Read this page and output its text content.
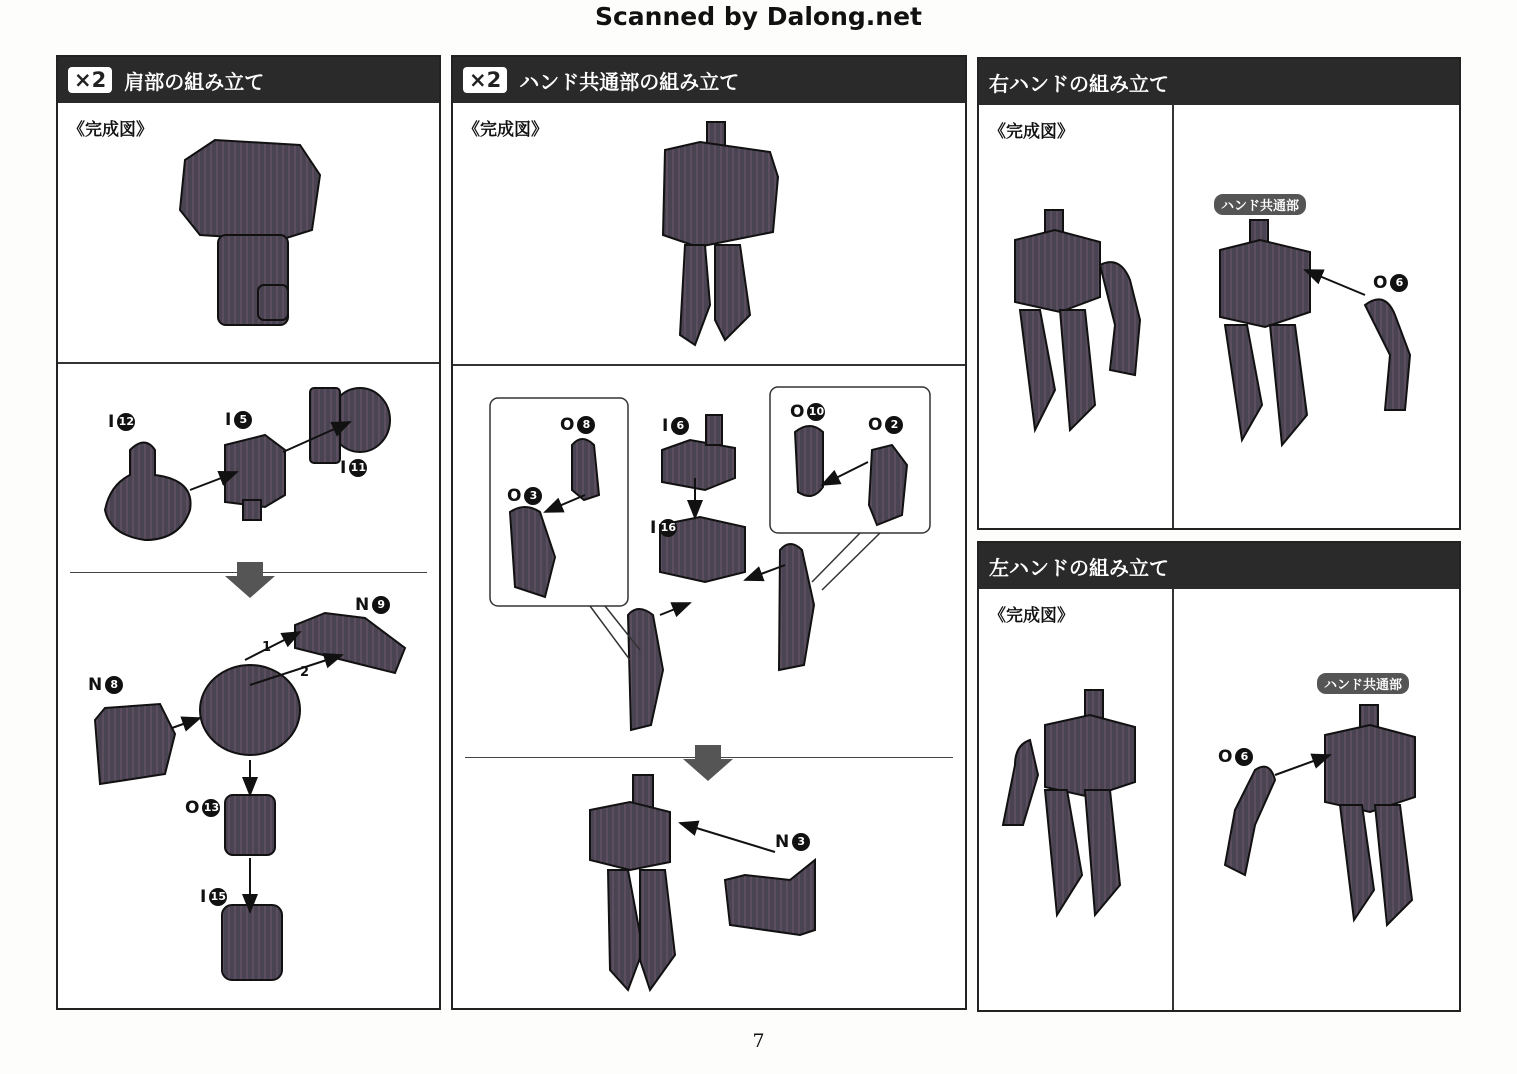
Scanned by Dalong.net
×2 肩部の組み立て
《完成図》
×2 ハンド共通部の組み立て
《完成図》
右ハンドの組み立て
《完成図》
ハンド共通部
左ハンドの組み立て
《完成図》
ハンド共通部
I 12	I 5
I 11
N 9
N 8
O 13
I 15
1
2
O 8
O 3
I 6
O 10
O 2
I 16
N 3
O 6
O 6
7
